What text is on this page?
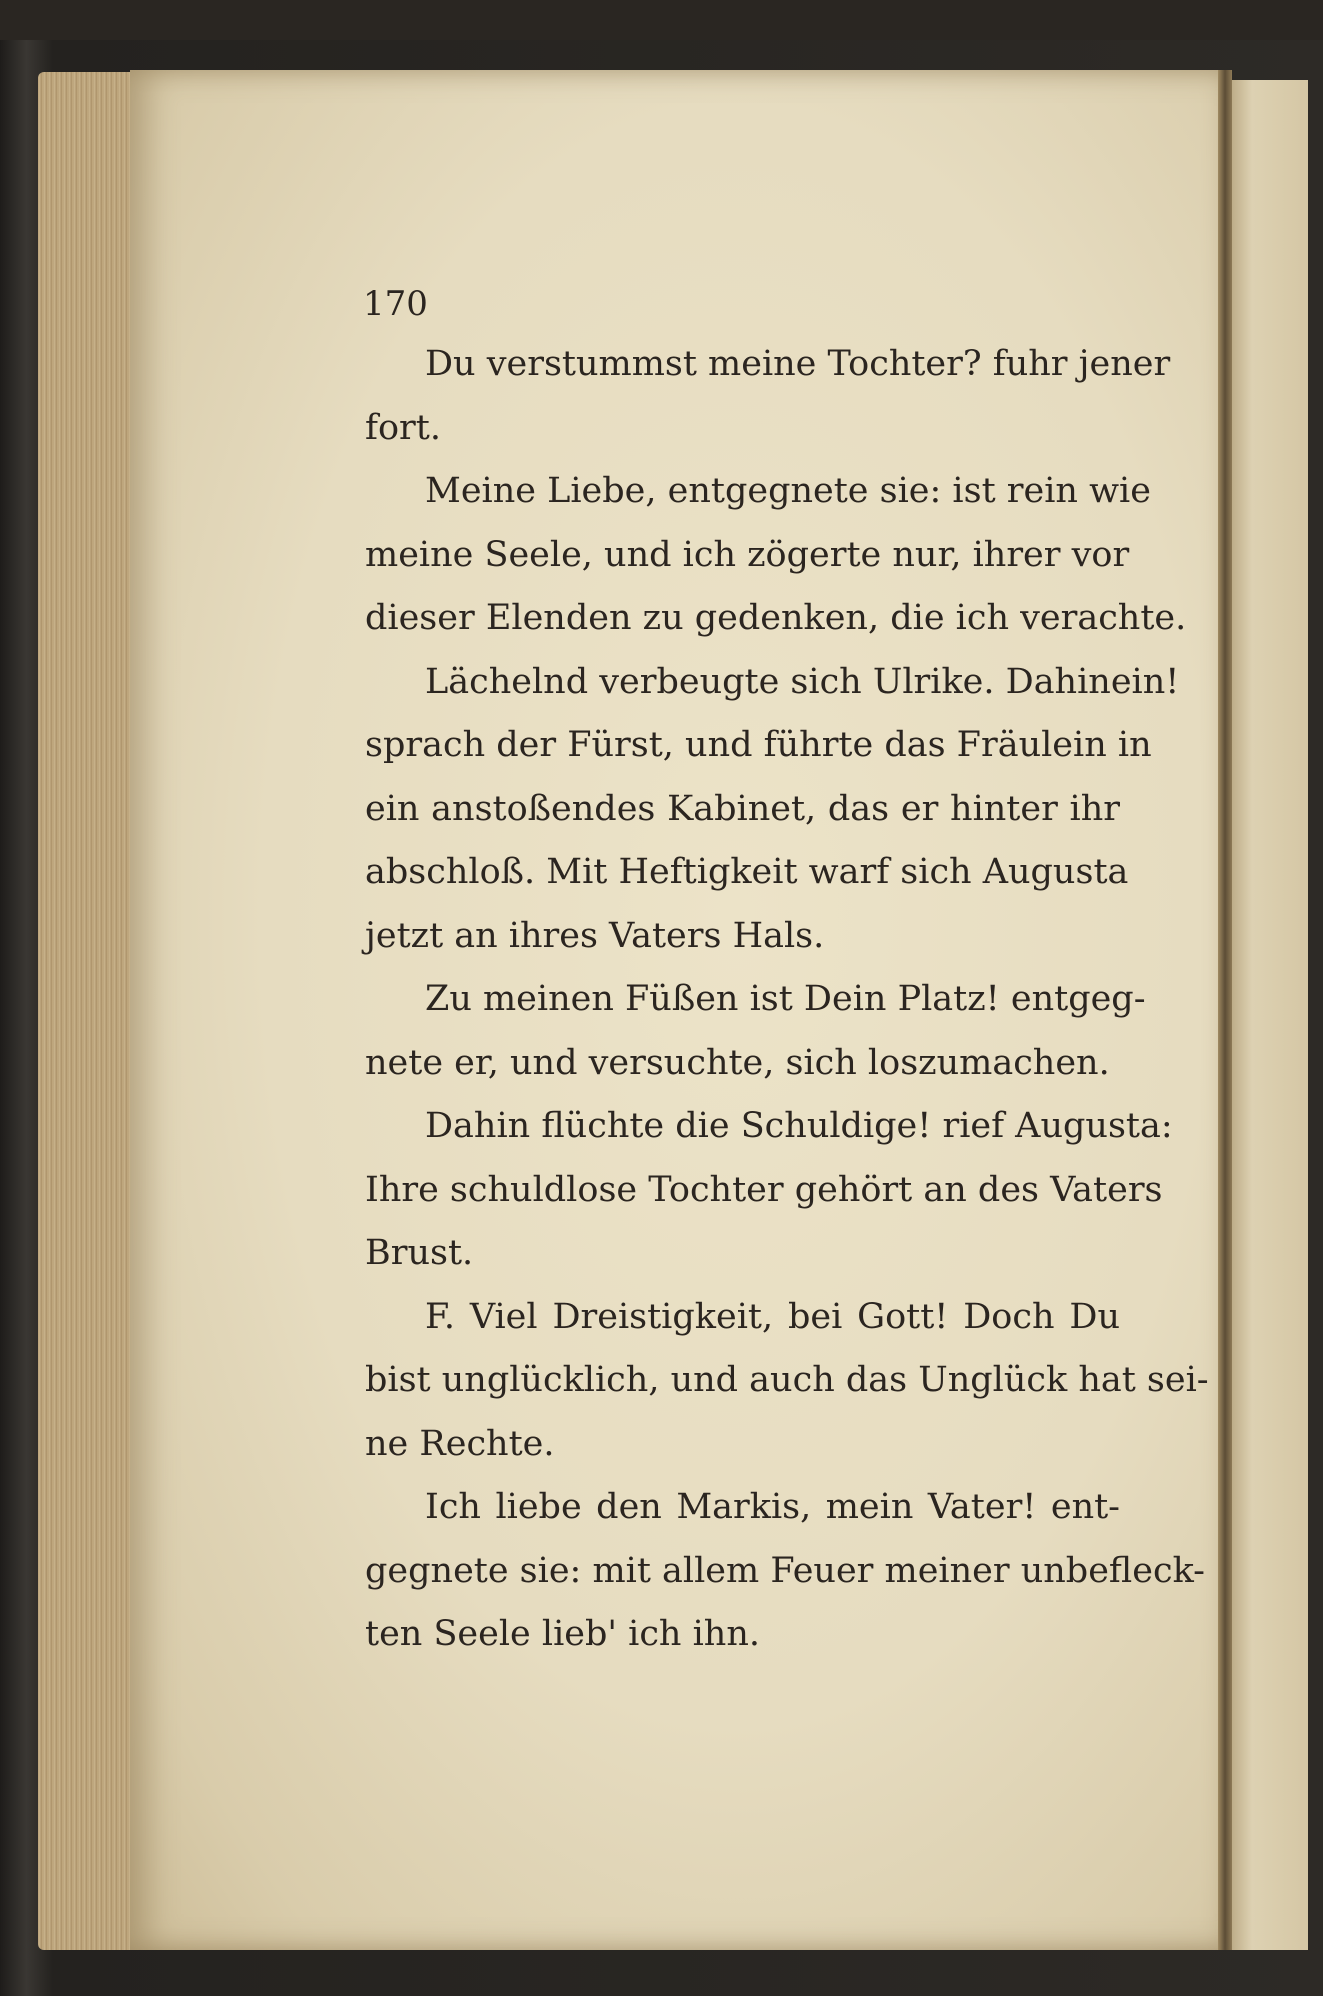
170
Du verstummst meine Tochter? fuhr jener
fort.
Meine Liebe, entgegnete sie: ist rein wie
meine Seele, und ich zögerte nur, ihrer vor
dieser Elenden zu gedenken, die ich verachte.
Lächelnd verbeugte sich Ulrike. Dahinein!
sprach der Fürst, und führte das Fräulein in
ein anstoßendes Kabinet, das er hinter ihr
abschloß. Mit Heftigkeit warf sich Augusta
jetzt an ihres Vaters Hals.
Zu meinen Füßen ist Dein Platz! entgeg-
nete er, und versuchte, sich loszumachen.
Dahin flüchte die Schuldige! rief Augusta:
Ihre schuldlose Tochter gehört an des Vaters
Brust.
F. Viel Dreistigkeit, bei Gott! Doch Du
bist unglücklich, und auch das Unglück hat sei-
ne Rechte.
Ich liebe den Markis, mein Vater! ent-
gegnete sie: mit allem Feuer meiner unbefleck-
ten Seele lieb' ich ihn.
